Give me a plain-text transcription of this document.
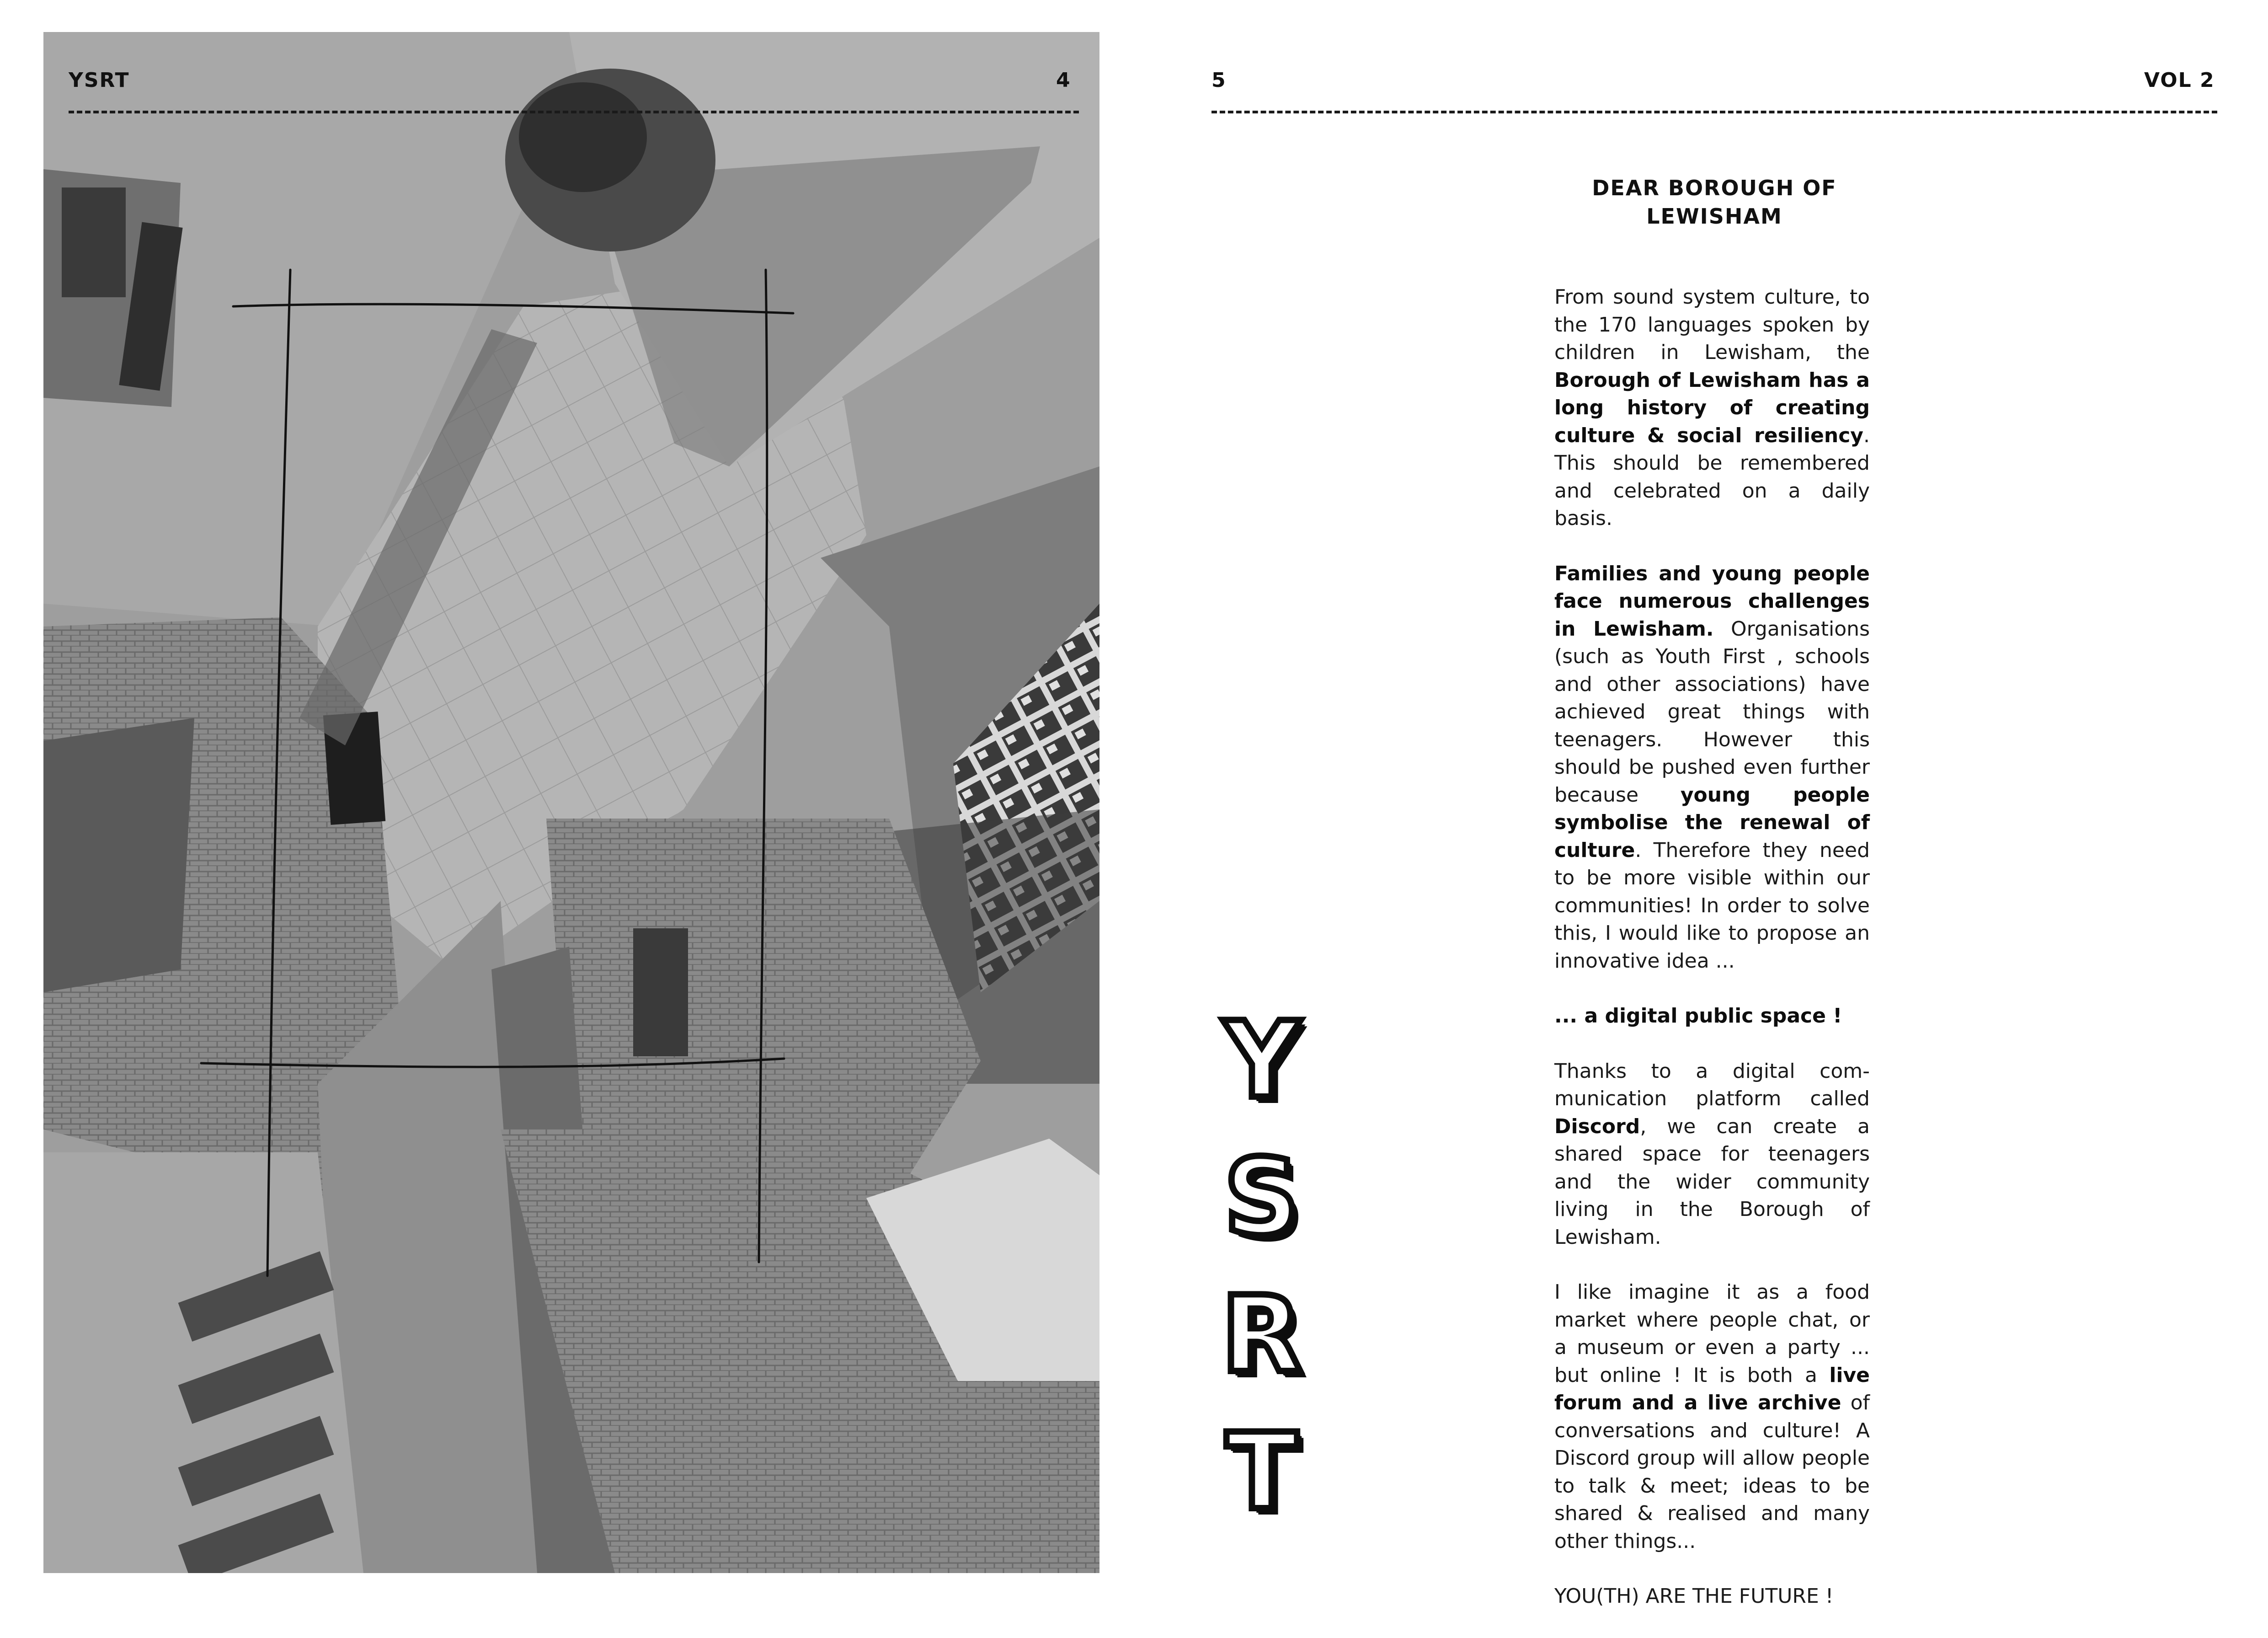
YSRT	4	5	VOL 2
Y
S
R
T
DEAR BOROUGH OF LEWISHAM

From sound system culture, to the 170 languages spoken by children in Lewisham, the Borough of Lewisham has a long history of creating culture & social resiliency. This should be remembered and celebrated on a daily basis.

Families and young people face numerous challenges in Lewisham. Organisations (such as Youth First , schools and other associations) have achieved great things with teenagers. However this should be pushed even further because young people symbolise the renewal of culture. Therefore they need to be more visible within our communities! In order to solve this, I would like to propose an innovative idea ...

... a digital public space !

Thanks to a digital communication platform called Discord, we can create a shared space for teenagers and the wider community living in the Borough of Lewisham.

I like imagine it as a food market where people chat, or a museum or even a party ... but online ! It is both a live forum and a live archive of conversations and culture! A Discord group will allow people to talk & meet; ideas to be shared & realised and many other things...

YOU(TH) ARE THE FUTURE !
